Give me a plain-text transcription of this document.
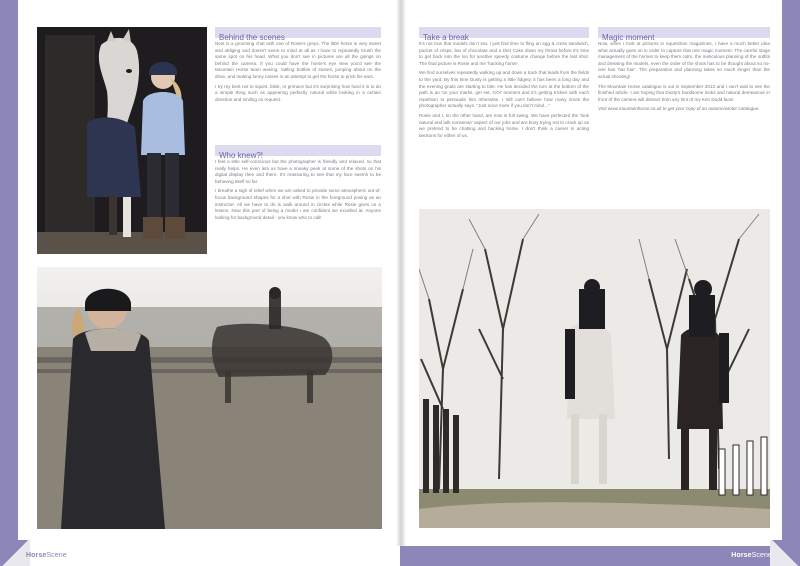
Behind the scenes

Next is a grooming chat with one of Rosie's greys. The little horse is very sweet and obliging and doesn't seem to mind at all as I have to repeatedly brush the same spot on his head. What you don't see in pictures are all the goings on behind the camera. If you could have the horse's eye view you'd see the Mountain Horse team waving, rattling bottles of stones, jumping about on the drive, and making funny noises in an attempt to get the horse to prick his ears.

I try my best not to squint, blink, or grimace but it's surprising how hard it is to do a simple thing such as appearing perfectly natural while looking in a certain direction and smiling on request.

Who knew?!

I feel a little self-conscious but the photographer is friendly and relaxed, so that really helps. He even lets us have a sneaky peek at some of the shots on his digital display then and there. It's reassuring to see that my face seems to be behaving itself so far.

I breathe a sigh of relief when we are asked to provide some atmospheric out-of-focus background shapes for a shot with Rosie in the foreground posing as an instructor. All we have to do is walk around in circles while Rosie gives us a lesson. Now this part of being a model I am confident we excelled at. Anyone looking for background detail - you know who to call!

Take a break

It's not true that models don't eat. I just find time to fling an egg & cress sandwich, packet of crisps, bar of chocolate and a Diet Coke down my throat before it's time to get back into the loo for another speedy costume change before the last shot. The final picture is Rosie and me 'hacking home'.

We find ourselves repeatedly walking up and down a track that leads from the fields to the yard. By this time Dusty is getting a little fidgety, it has been a long day and the evening gnats are starting to bite. He has decided the turn at the bottom of the path is an 'on your marks, get set, GO!' moment and it's getting trickier with each repetition to persuade him otherwise. I still can't believe how many times the photographer actually says, "Just once more if you don't mind..."

Rosie and I, on the other hand, are now in full swing. We have perfected the 'look natural and talk nonsense' aspect of our jobs and are busy trying not to crack up as we pretend to be chatting and hacking home. I don't think a career in acting beckons for either of us.

Magic moment

Now, when I look at pictures in equestrian magazines, I have a much better idea what actually goes on in order to capture that one magic moment. The careful stage management of the horses to keep them calm, the meticulous planning of the outfits and dressing the models, even the order of the shots has to be thought about so no-one has 'hat hair'. The preparation and planning takes so much longer than the actual shooting!

The Mountain Horse catalogue is out in September 2013 and I can't wait to see the finished article. I am hoping that Dusty's handsome looks and natural demeanour in front of the camera will distract from any hint of my Ken Dodd face!

Visit www.mountainhorse.co.uk to get your copy of an autumn/winter catalogue.

HorseScene	HorseScene
